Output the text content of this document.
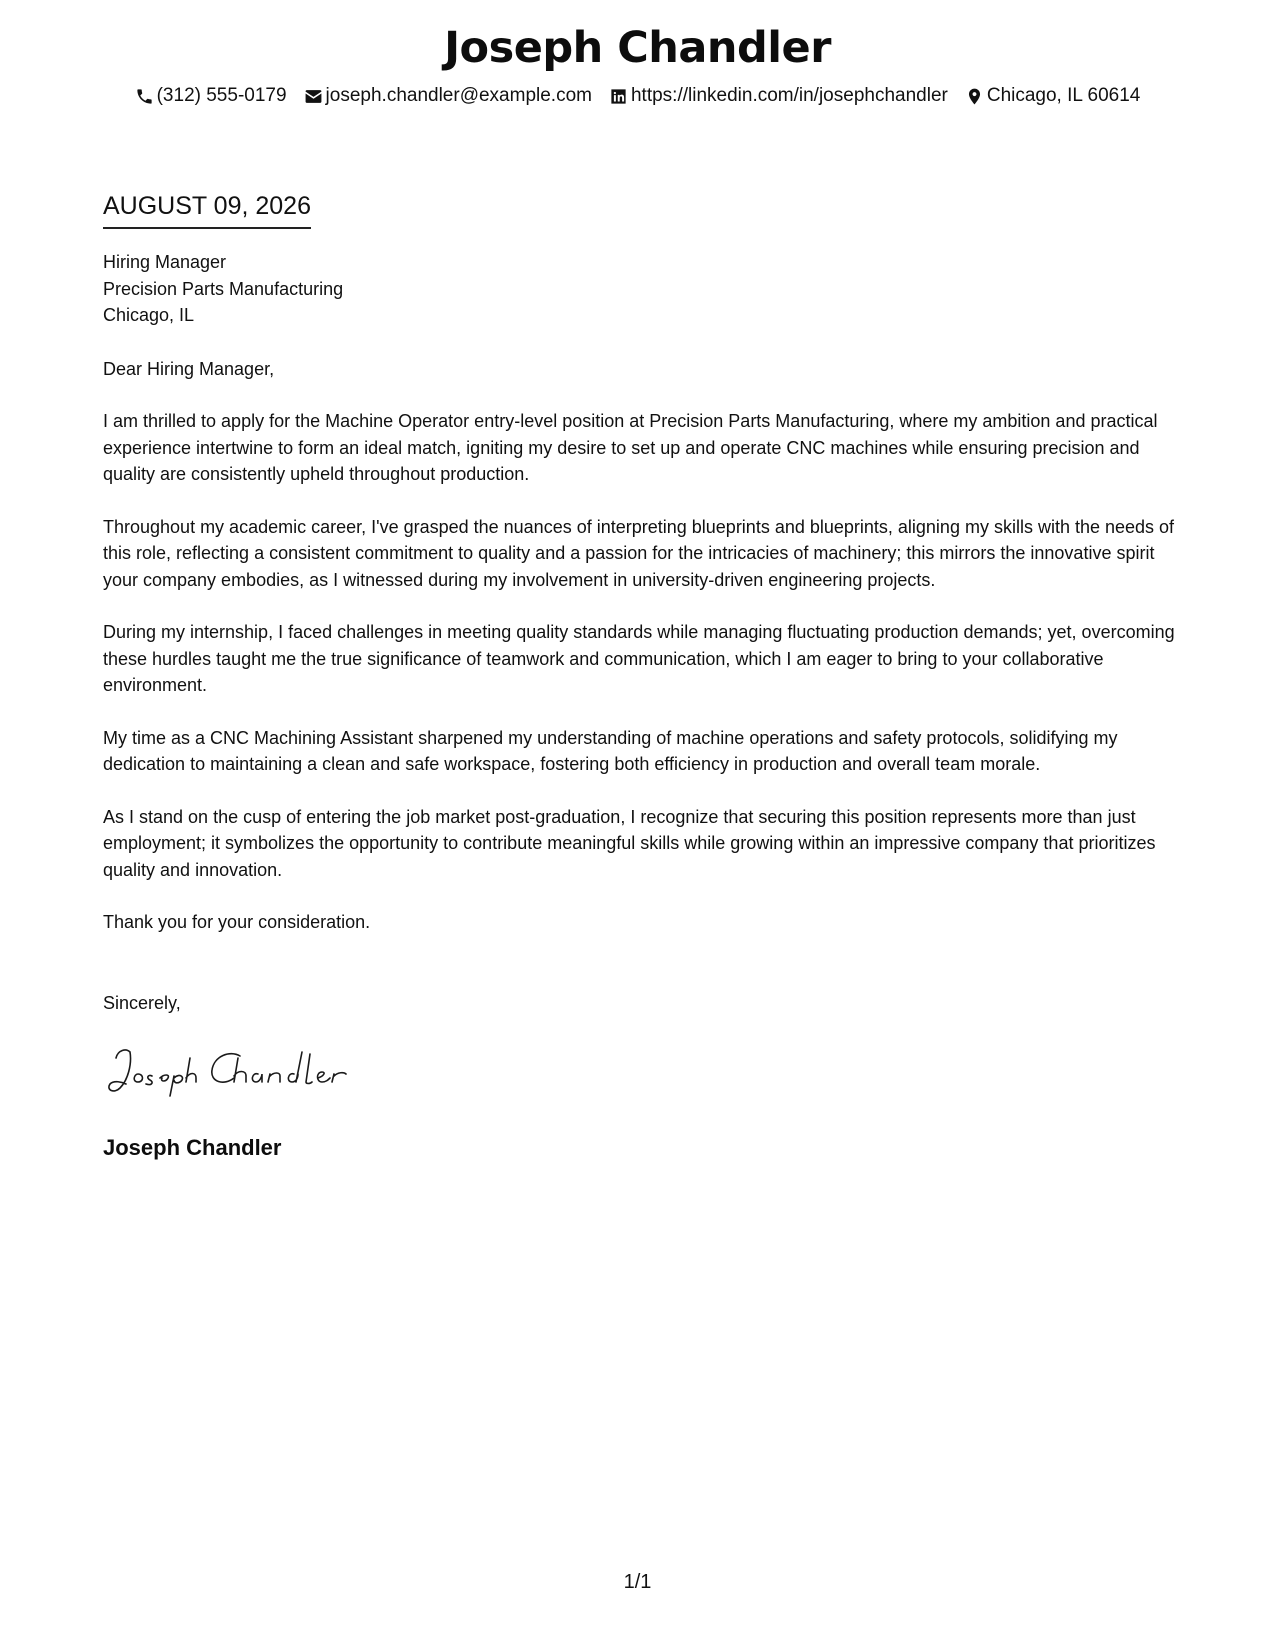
Joseph Chandler
(312) 555-0179 joseph.chandler@example.com https://linkedin.com/in/josephchandler Chicago, IL 60614
AUGUST 09, 2026

Hiring Manager

Precision Parts Manufacturing

Chicago, IL

Dear Hiring Manager,

I am thrilled to apply for the Machine Operator entry-level position at Precision Parts Manufacturing, where my ambition and practical experience intertwine to form an ideal match, igniting my desire to set up and operate CNC machines while ensuring precision and quality are consistently upheld throughout production.

Throughout my academic career, I've grasped the nuances of interpreting blueprints and blueprints, aligning my skills with the needs of this role, reflecting a consistent commitment to quality and a passion for the intricacies of machinery; this mirrors the innovative spirit your company embodies, as I witnessed during my involvement in university-driven engineering projects.

During my internship, I faced challenges in meeting quality standards while managing fluctuating production demands; yet, overcoming these hurdles taught me the true significance of teamwork and communication, which I am eager to bring to your collaborative environment.

My time as a CNC Machining Assistant sharpened my understanding of machine operations and safety protocols, solidifying my dedication to maintaining a clean and safe workspace, fostering both efficiency in production and overall team morale.

As I stand on the cusp of entering the job market post-graduation, I recognize that securing this position represents more than just employment; it symbolizes the opportunity to contribute meaningful skills while growing within an impressive company that prioritizes quality and innovation.

Thank you for your consideration.

Sincerely,
Joseph Chandler
1/1
